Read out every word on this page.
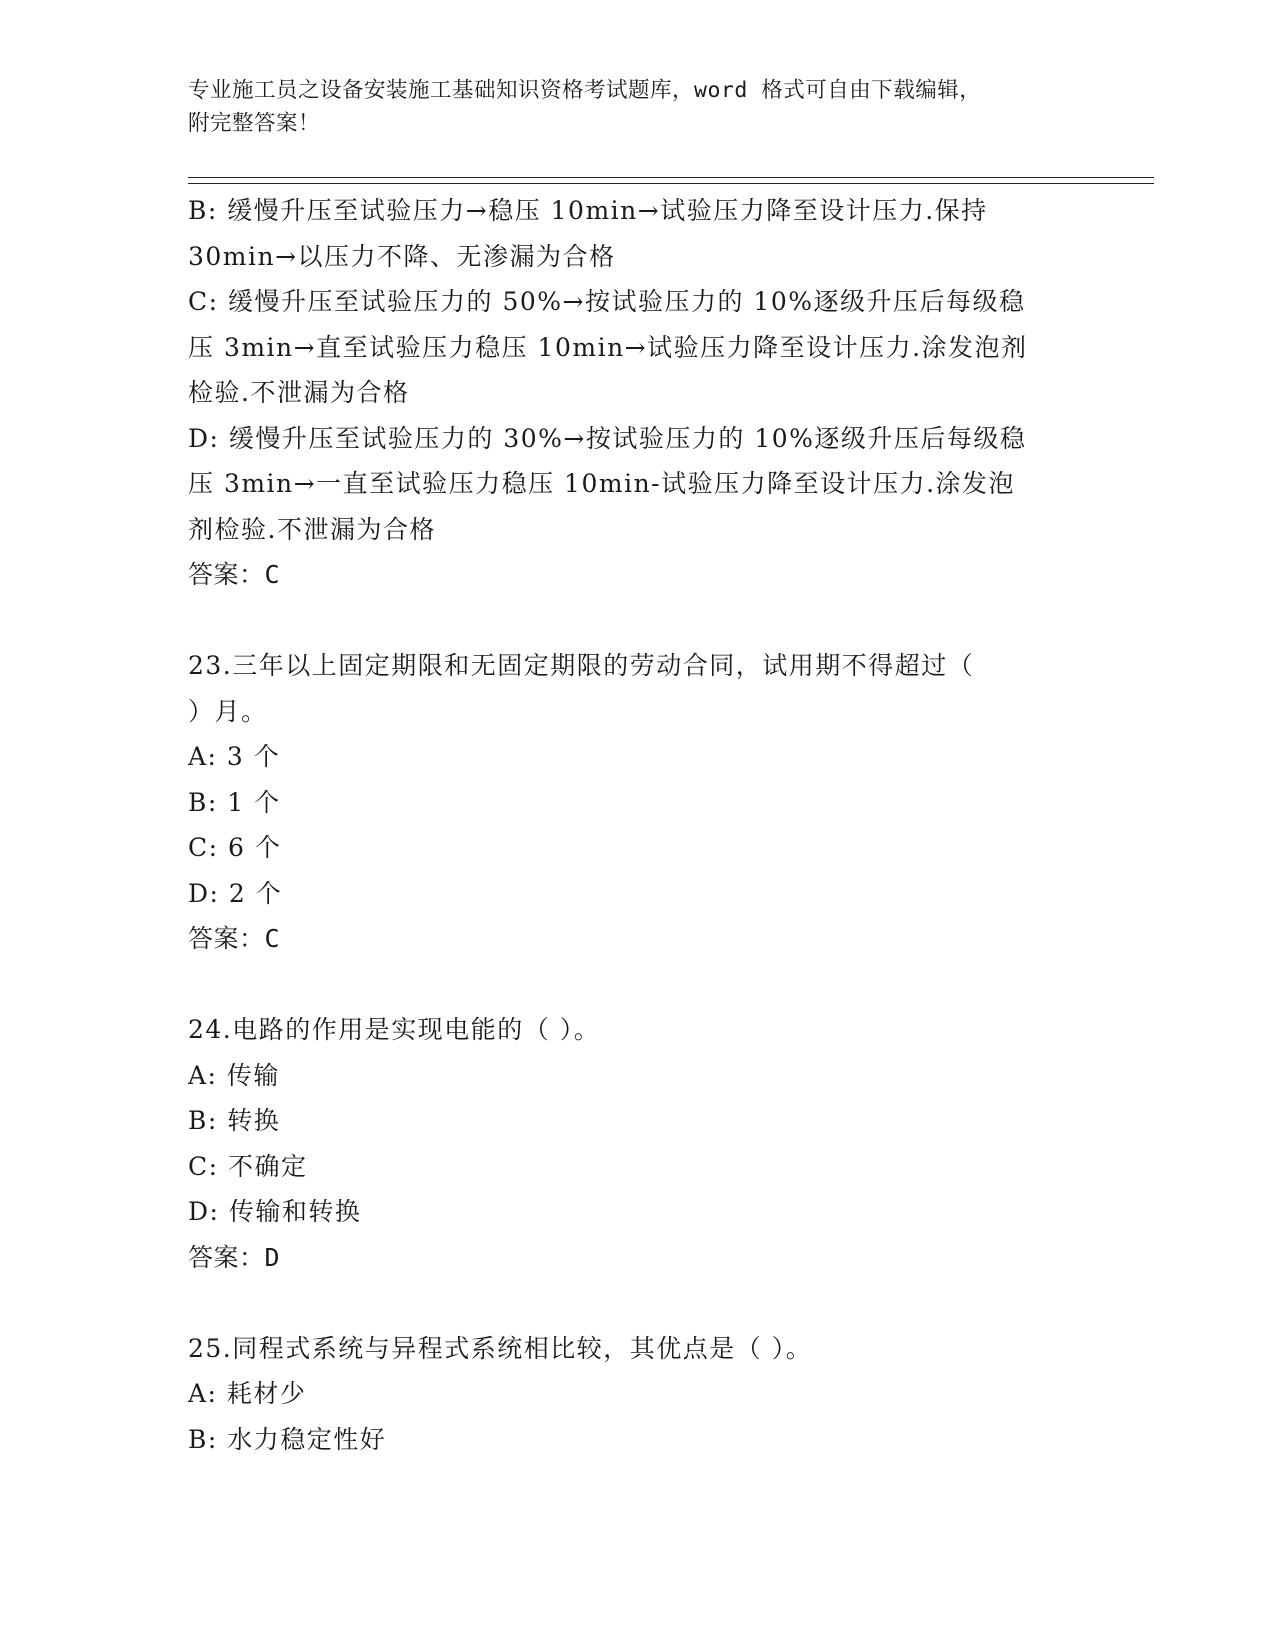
专业施工员之设备安装施工基础知识资格考试题库，word 格式可自由下载编辑，
附完整答案！
B: 缓慢升压至试验压力→稳压 10min→试验压力降至设计压力.保持
30min→以压力不降、无渗漏为合格
C: 缓慢升压至试验压力的 50%→按试验压力的 10%逐级升压后每级稳
压 3min→直至试验压力稳压 10min→试验压力降至设计压力.涂发泡剂
检验.不泄漏为合格
D: 缓慢升压至试验压力的 30%→按试验压力的 10%逐级升压后每级稳
压 3min→一直至试验压力稳压 10min-试验压力降至设计压力.涂发泡
剂检验.不泄漏为合格
答案：C
23.三年以上固定期限和无固定期限的劳动合同，试用期不得超过（
）月。
A: 3 个
B: 1 个
C: 6 个
D: 2 个
答案：C
24.电路的作用是实现电能的（ ）。
A: 传输
B: 转换
C: 不确定
D: 传输和转换
答案：D
25.同程式系统与异程式系统相比较，其优点是（ ）。
A: 耗材少
B: 水力稳定性好
